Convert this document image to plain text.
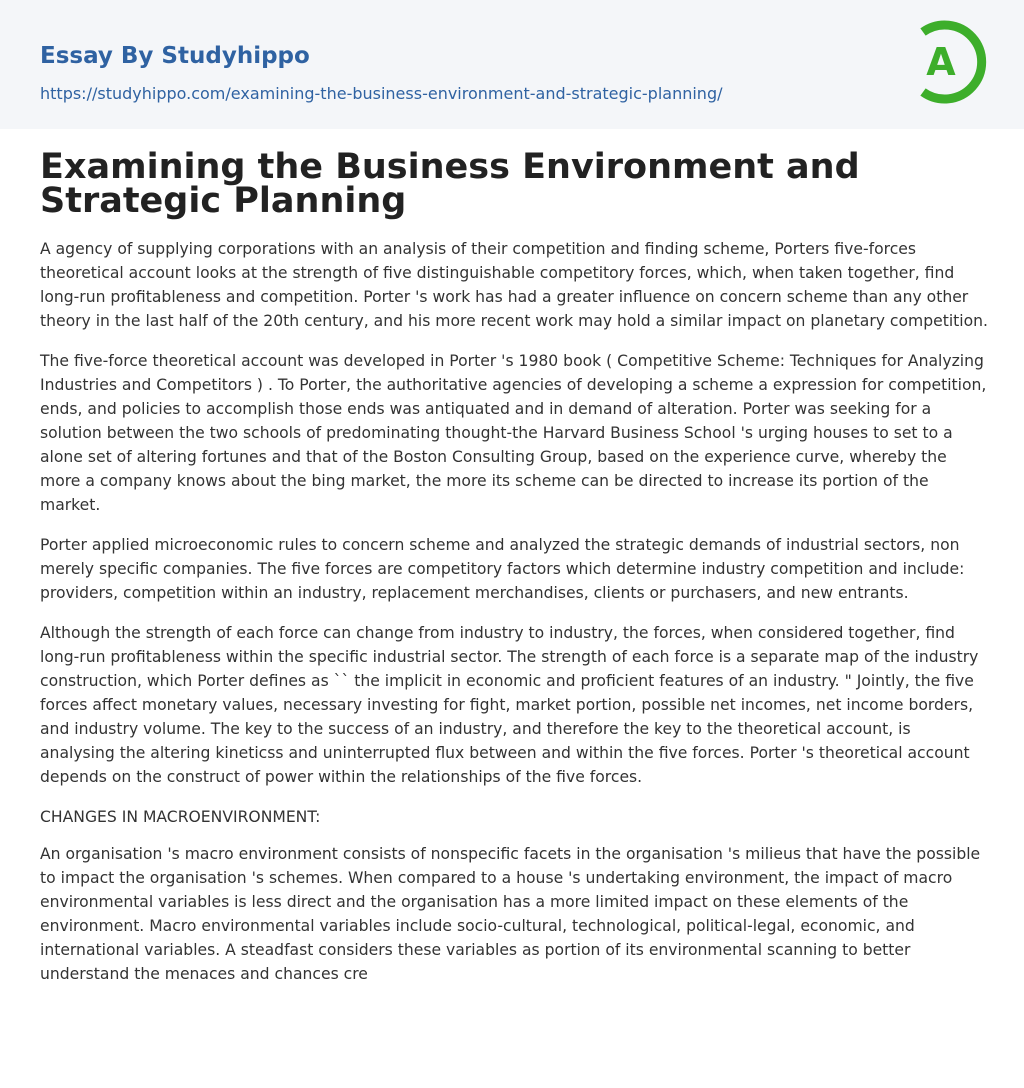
Essay By Studyhippo
https://studyhippo.com/examining-the-business-environment-and-strategic-planning/
A
Examining the Business Environment and Strategic Planning

A agency of supplying corporations with an analysis of their competition and finding scheme, Porters five-forces theoretical account looks at the strength of five distinguishable competitory forces, which, when taken together, find long-run profitableness and competition. Porter 's work has had a greater influence on concern scheme than any other theory in the last half of the 20th century, and his more recent work may hold a similar impact on planetary competition.

The five-force theoretical account was developed in Porter 's 1980 book ( Competitive Scheme: Techniques for Analyzing Industries and Competitors ) . To Porter, the authoritative agencies of developing a scheme a expression for competition, ends, and policies to accomplish those ends was antiquated and in demand of alteration. Porter was seeking for a solution between the two schools of predominating thought-the Harvard Business School 's urging houses to set to a alone set of altering fortunes and that of the Boston Consulting Group, based on the experience curve, whereby the more a company knows about the bing market, the more its scheme can be directed to increase its portion of the market.

Porter applied microeconomic rules to concern scheme and analyzed the strategic demands of industrial sectors, non merely specific companies. The five forces are competitory factors which determine industry competition and include: providers, competition within an industry, replacement merchandises, clients or purchasers, and new entrants.

Although the strength of each force can change from industry to industry, the forces, when considered together, find long-run profitableness within the specific industrial sector. The strength of each force is a separate map of the industry construction, which Porter defines as `` the implicit in economic and proficient features of an industry. " Jointly, the five forces affect monetary values, necessary investing for fight, market portion, possible net incomes, net income borders, and industry volume. The key to the success of an industry, and therefore the key to the theoretical account, is analysing the altering kineticss and uninterrupted flux between and within the five forces. Porter 's theoretical account depends on the construct of power within the relationships of the five forces.

CHANGES IN MACROENVIRONMENT:

An organisation 's macro environment consists of nonspecific facets in the organisation 's milieus that have the possible to impact the organisation 's schemes. When compared to a house 's undertaking environment, the impact of macro environmental variables is less direct and the organisation has a more limited impact on these elements of the environment. Macro environmental variables include socio-cultural, technological, political-legal, economic, and international variables. A steadfast considers these variables as portion of its environmental scanning to better understand the menaces and chances cre
